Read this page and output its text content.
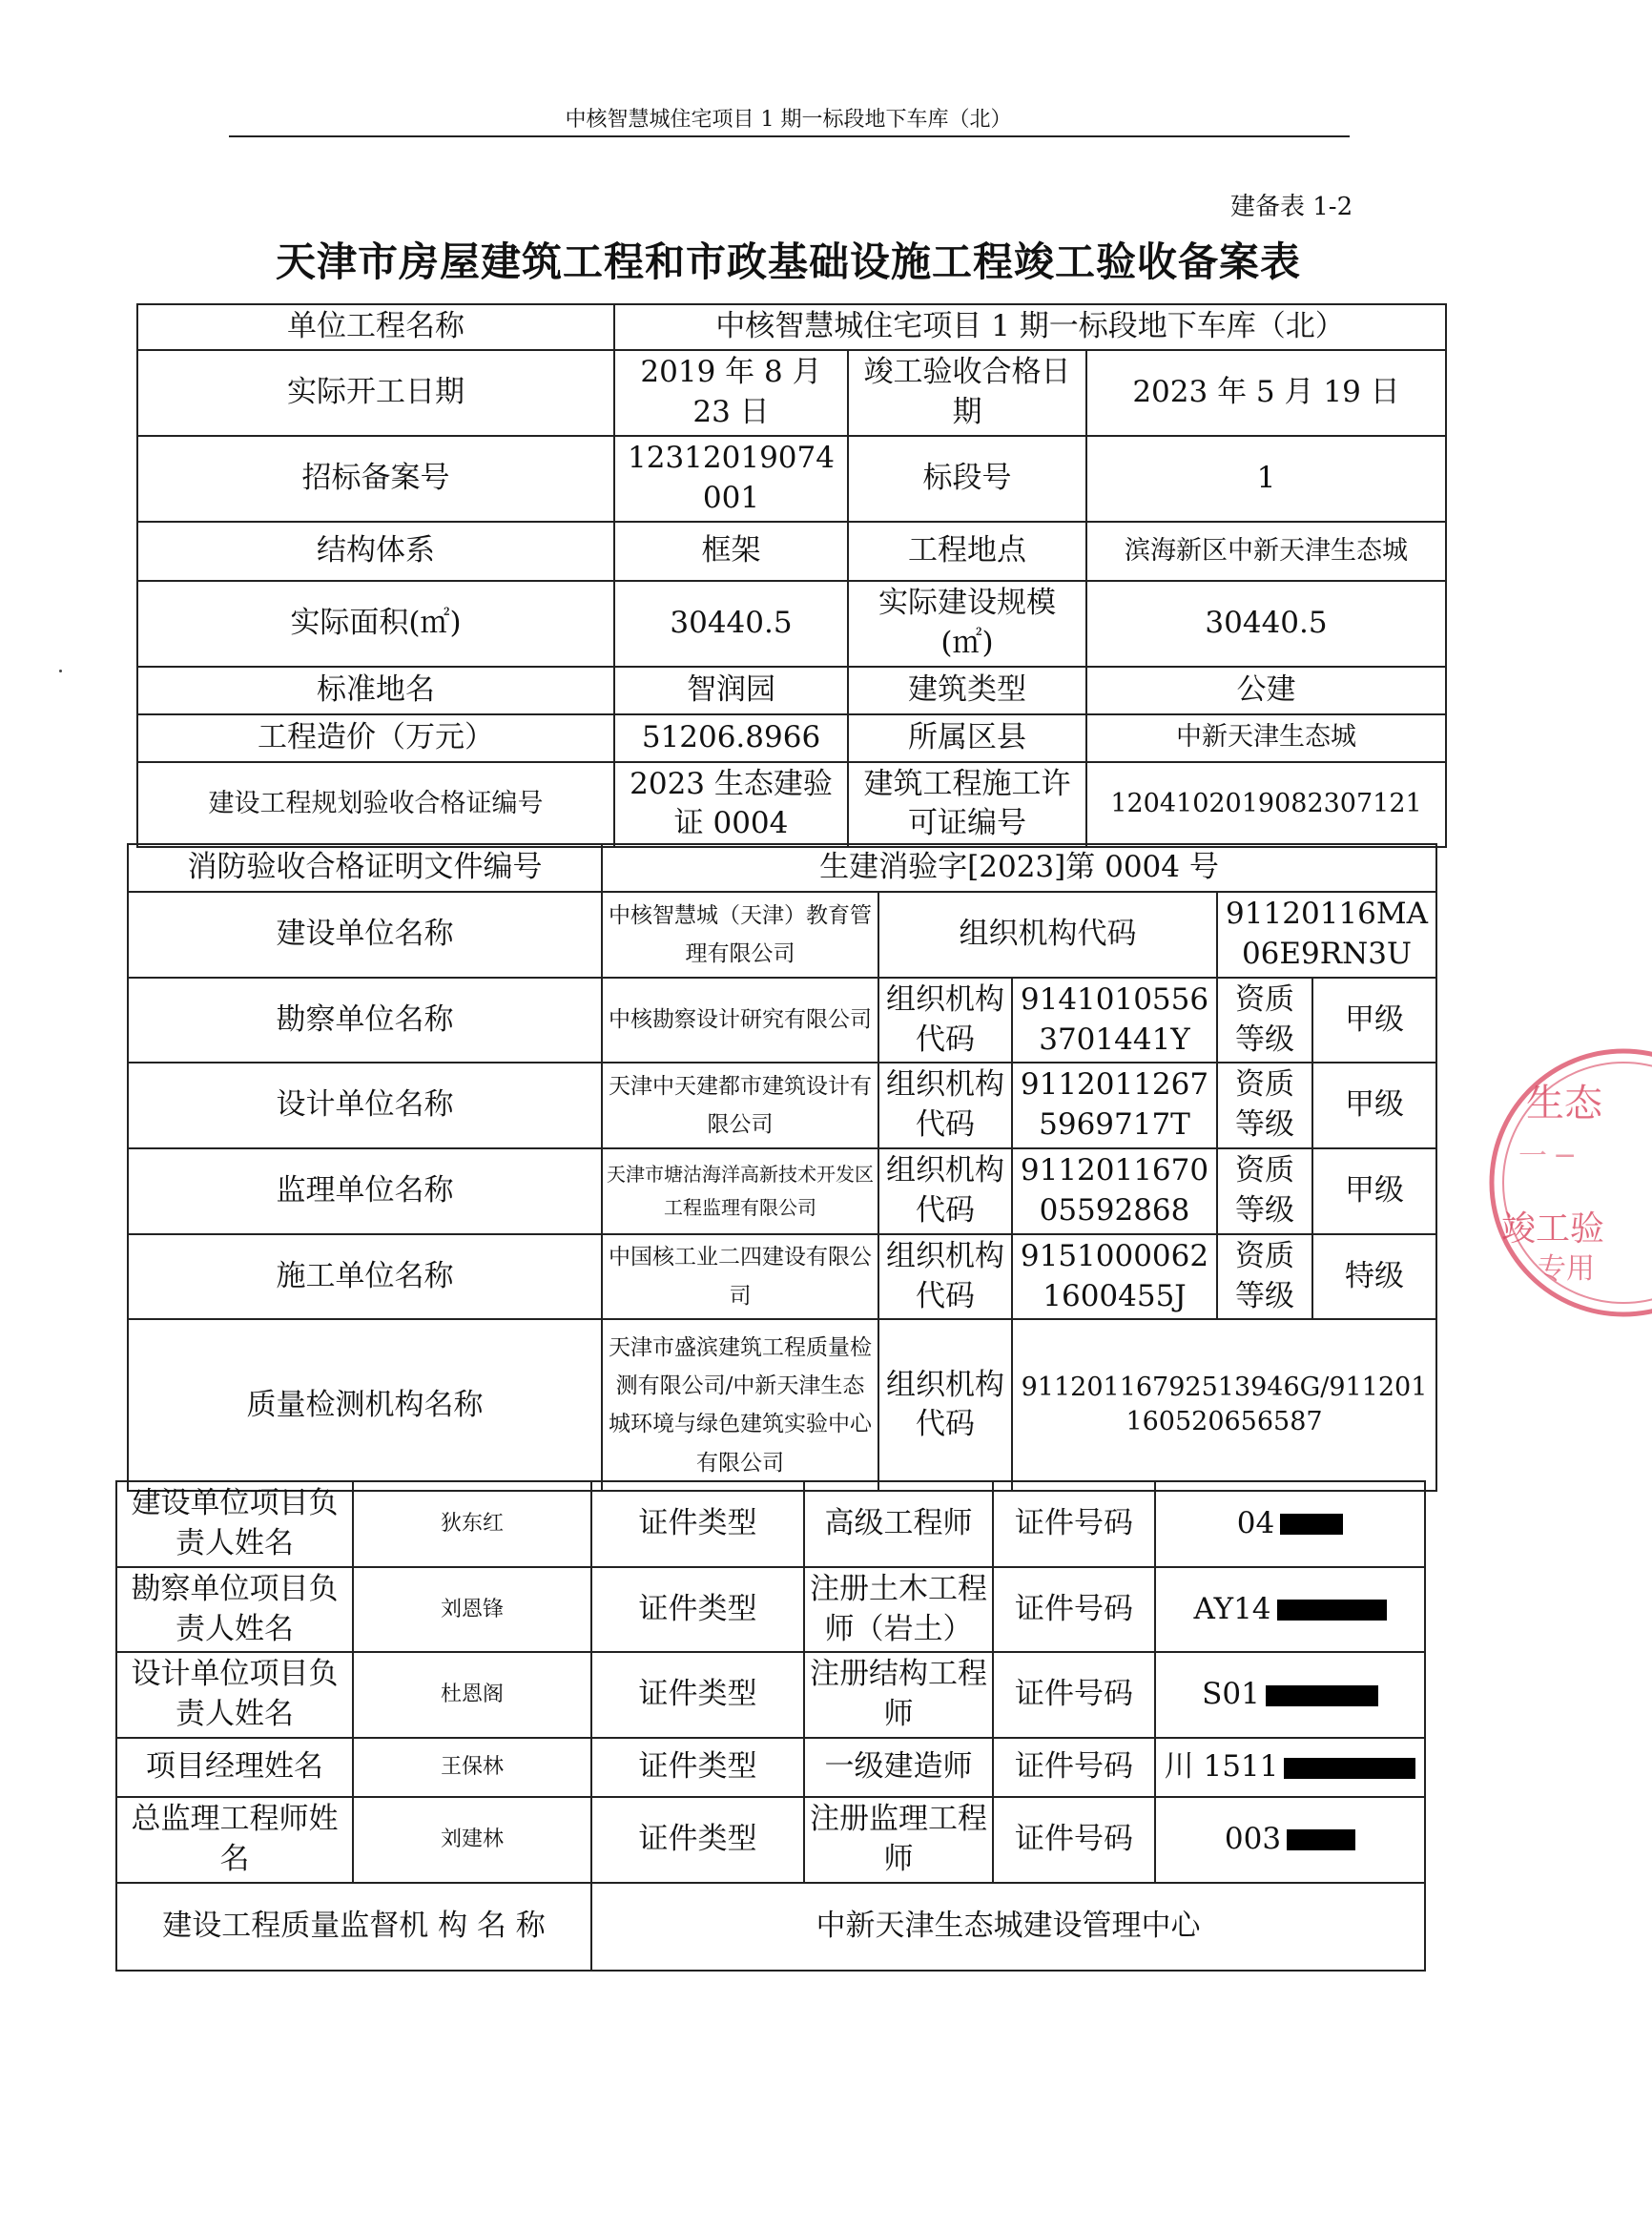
中核智慧城住宅项目 1 期一标段地下车库（北）
建备表 1-2
天津市房屋建筑工程和市政基础设施工程竣工验收备案表
单位工程名称	中核智慧城住宅项目 1 期一标段地下车库（北）		
实际开工日期	2019 年 8 月 23 日	竣工验收合格日期	2023 年 5 月 19 日
招标备案号	12312019074001	标段号	1
结构体系	框架	工程地点	滨海新区中新天津生态城
实际面积(㎡)	30440.5	实际建设规模(㎡)	30440.5
标准地名	智润园	建筑类型	公建
工程造价（万元）	51206.8966	所属区县	中新天津生态城
建设工程规划验收合格证编号	2023 生态建验证 0004	建筑工程施工许可证编号	120410201908230712​1
消防验收合格证明文件编号	生建消验字[2023]第 0004 号				
建设单位名称	中核智慧城（天津）教育管理有限公司	组织机构代码		91120116MA06E9RN3U	
勘察单位名称	中核勘察设计研究有限公司	组织机构代码	91410105563701441Y	资质等级	甲级
设计单位名称	天津中天建都市建筑设计有限公司	组织机构代码	91120112675969717T	资质等级	甲级
监理单位名称	天津市塘沽海洋高新技术开发区工程监理有限公司	组织机构代码	911201167005592868	资质等级	甲级
施工单位名称	中国核工业二四建设有限公司	组织机构代码	91510000621600455J	资质等级	特级
质量检测机构名称	天津市盛滨建筑工程质量检测有限公司/中新天津生态城环境与绿色建筑实验中心有限公司	组织机构代码	91120116792513946G/911201160520656587		
建设单位项目负责人姓名	狄东红	证件类型	高级工程师	证件号码	04
勘察单位项目负责人姓名	刘恩锋	证件类型	注册土木工程师（岩土）	证件号码	AY14
设计单位项目负责人姓名	杜恩阁	证件类型	注册结构工程师	证件号码	S01
项目经理姓名	王保林	证件类型	一级建造师	证件号码	川 1511
总监理工程师姓名	刘建林	证件类型	注册监理工程师	证件号码	003
建设工程质量监督机 构 名 称		中新天津生态城建设管理中心			
生态
一 ─
竣工验
专用
